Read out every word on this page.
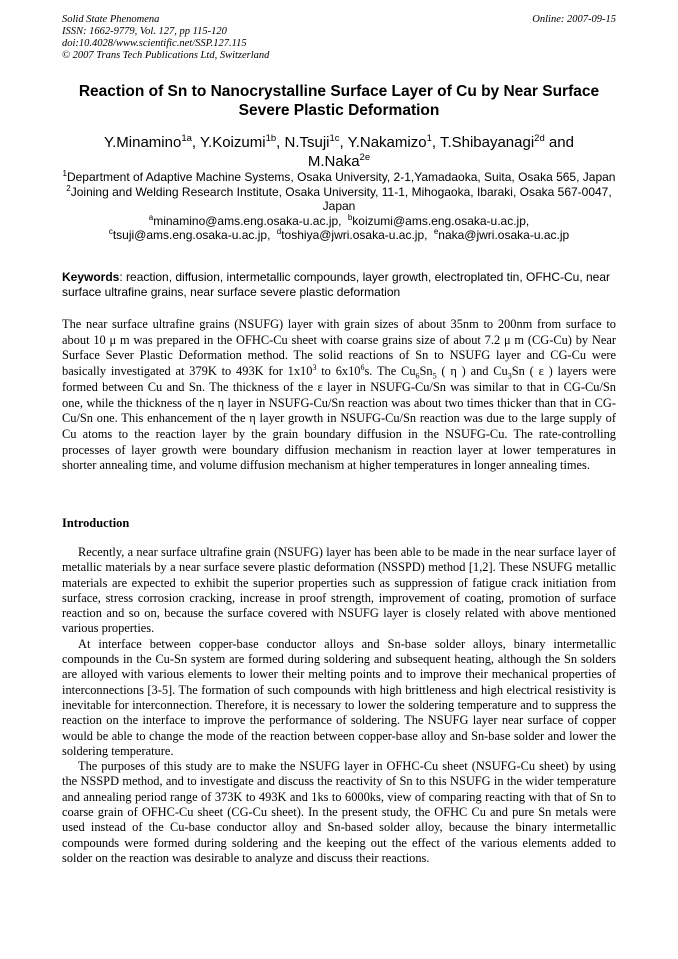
Solid State Phenomena
ISSN: 1662-9779, Vol. 127, pp 115-120
doi:10.4028/www.scientific.net/SSP.127.115
© 2007 Trans Tech Publications Ltd, Switzerland
Online: 2007-09-15
Reaction of Sn to Nanocrystalline Surface Layer of Cu by Near Surface Severe Plastic Deformation
Y.Minamino$^{1a}$, Y.Koizumi$^{1b}$, N.Tsuji$^{1c}$, Y.Nakamizo$^1$, T.Shibayanagi$^{2d}$ and
M.Naka$^{2e}$
$^1$Department of Adaptive Machine Systems, Osaka University, 2-1,Yamadaoka, Suita, Osaka 565, Japan
$^2$Joining and Welding Research Institute, Osaka University, 11-1, Mihogaoka, Ibaraki, Osaka 567-0047, Japan
$^a$minamino@ams.eng.osaka-u.ac.jp, $^b$koizumi@ams.eng.osaka-u.ac.jp,
$^c$tsuji@ams.eng.osaka-u.ac.jp, $^d$toshiya@jwri.osaka-u.ac.jp, $^e$naka@jwri.osaka-u.ac.jp
Keywords: reaction, diffusion, intermetallic compounds, layer growth, electroplated tin, OFHC-Cu, near surface ultrafine grains, near surface severe plastic deformation
The near surface ultrafine grains (NSUFG) layer with grain sizes of about 35nm to 200nm from surface to about 10 μ m was prepared in the OFHC-Cu sheet with coarse grains size of about 7.2 μ m (CG-Cu) by Near Surface Sever Plastic Deformation method. The solid reactions of Sn to NSUFG layer and CG-Cu were basically investigated at 379K to 493K for $1x10^3$ to $6x10^6s$. The $Cu_6Sn_5$ ( η ) and $Cu_3Sn$ ( ε ) layers were formed between Cu and Sn. The thickness of the ε layer in NSUFG-Cu/Sn was similar to that in CG-Cu/Sn one, while the thickness of the η layer in NSUFG-Cu/Sn reaction was about two times thicker than that in CG-Cu/Sn one. This enhancement of the η layer growth in NSUFG-Cu/Sn reaction was due to the large supply of Cu atoms to the reaction layer by the grain boundary diffusion in the NSUFG-Cu. The rate-controlling processes of layer growth were boundary diffusion mechanism in reaction layer at lower temperatures in shorter annealing time, and volume diffusion mechanism at higher temperatures in longer annealing times.
Introduction

Recently, a near surface ultrafine grain (NSUFG) layer has been able to be made in the near surface layer of metallic materials by a near surface severe plastic deformation (NSSPD) method [1,2]. These NSUFG metallic materials are expected to exhibit the superior properties such as suppression of fatigue crack initiation from surface, stress corrosion cracking, increase in proof strength, improvement of coating, promotion of surface reaction and so on, because the surface covered with NSUFG layer is closely related with above mentioned various properties.

At interface between copper-base conductor alloys and Sn-base solder alloys, binary intermetallic compounds in the Cu-Sn system are formed during soldering and subsequent heating, although the Sn solders are alloyed with various elements to lower their melting points and to improve their mechanical properties of interconnections [3-5]. The formation of such compounds with high brittleness and high electrical resistivity is inevitable for interconnection. Therefore, it is necessary to lower the soldering temperature and to suppress the reaction on the interface to improve the performance of soldering. The NSUFG layer near surface of copper would be able to change the mode of the reaction between copper-base alloy and Sn-base solder and lower the soldering temperature.

The purposes of this study are to make the NSUFG layer in OFHC-Cu sheet (NSUFG-Cu sheet) by using the NSSPD method, and to investigate and discuss the reactivity of Sn to this NSUFG in the wider temperature and annealing period range of 373K to 493K and 1ks to 6000ks, view of comparing reacting with that of Sn to coarse grain of OFHC-Cu sheet (CG-Cu sheet). In the present study, the OFHC Cu and pure Sn metals were used instead of the Cu-base conductor alloy and Sn-based solder alloy, because the binary intermetallic compounds were formed during soldering and the keeping out the effect of the various elements added to solder on the reaction was desirable to analyze and discuss their reactions.
